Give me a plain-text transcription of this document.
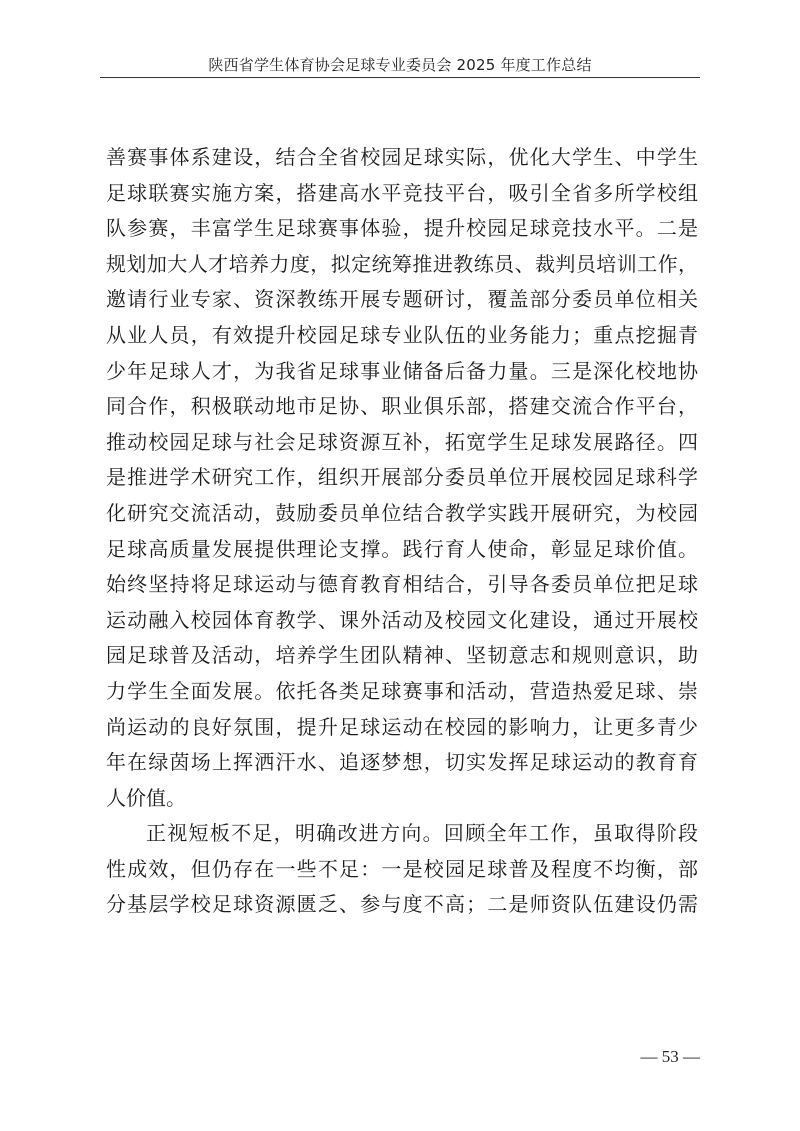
陕西省学生体育协会足球专业委员会 2025 年度工作总结
善赛事体系建设，结合全省校园足球实际，优化大学生、中学生
足球联赛实施方案，搭建高水平竞技平台，吸引全省多所学校组
队参赛，丰富学生足球赛事体验，提升校园足球竞技水平。二是
规划加大人才培养力度，拟定统筹推进教练员、裁判员培训工作，
邀请行业专家、资深教练开展专题研讨，覆盖部分委员单位相关
从业人员，有效提升校园足球专业队伍的业务能力；重点挖掘青
少年足球人才，为我省足球事业储备后备力量。三是深化校地协
同合作，积极联动地市足协、职业俱乐部，搭建交流合作平台，
推动校园足球与社会足球资源互补，拓宽学生足球发展路径。四
是推进学术研究工作，组织开展部分委员单位开展校园足球科学
化研究交流活动，鼓励委员单位结合教学实践开展研究，为校园
足球高质量发展提供理论支撑。践行育人使命，彰显足球价值。
始终坚持将足球运动与德育教育相结合，引导各委员单位把足球
运动融入校园体育教学、课外活动及校园文化建设，通过开展校
园足球普及活动，培养学生团队精神、坚韧意志和规则意识，助
力学生全面发展。依托各类足球赛事和活动，营造热爱足球、崇
尚运动的良好氛围，提升足球运动在校园的影响力，让更多青少
年在绿茵场上挥洒汗水、追逐梦想，切实发挥足球运动的教育育
人价值。
正视短板不足，明确改进方向。回顾全年工作，虽取得阶段
性成效，但仍存在一些不足：一是校园足球普及程度不均衡，部
分基层学校足球资源匮乏、参与度不高；二是师资队伍建设仍需
— 53 —
